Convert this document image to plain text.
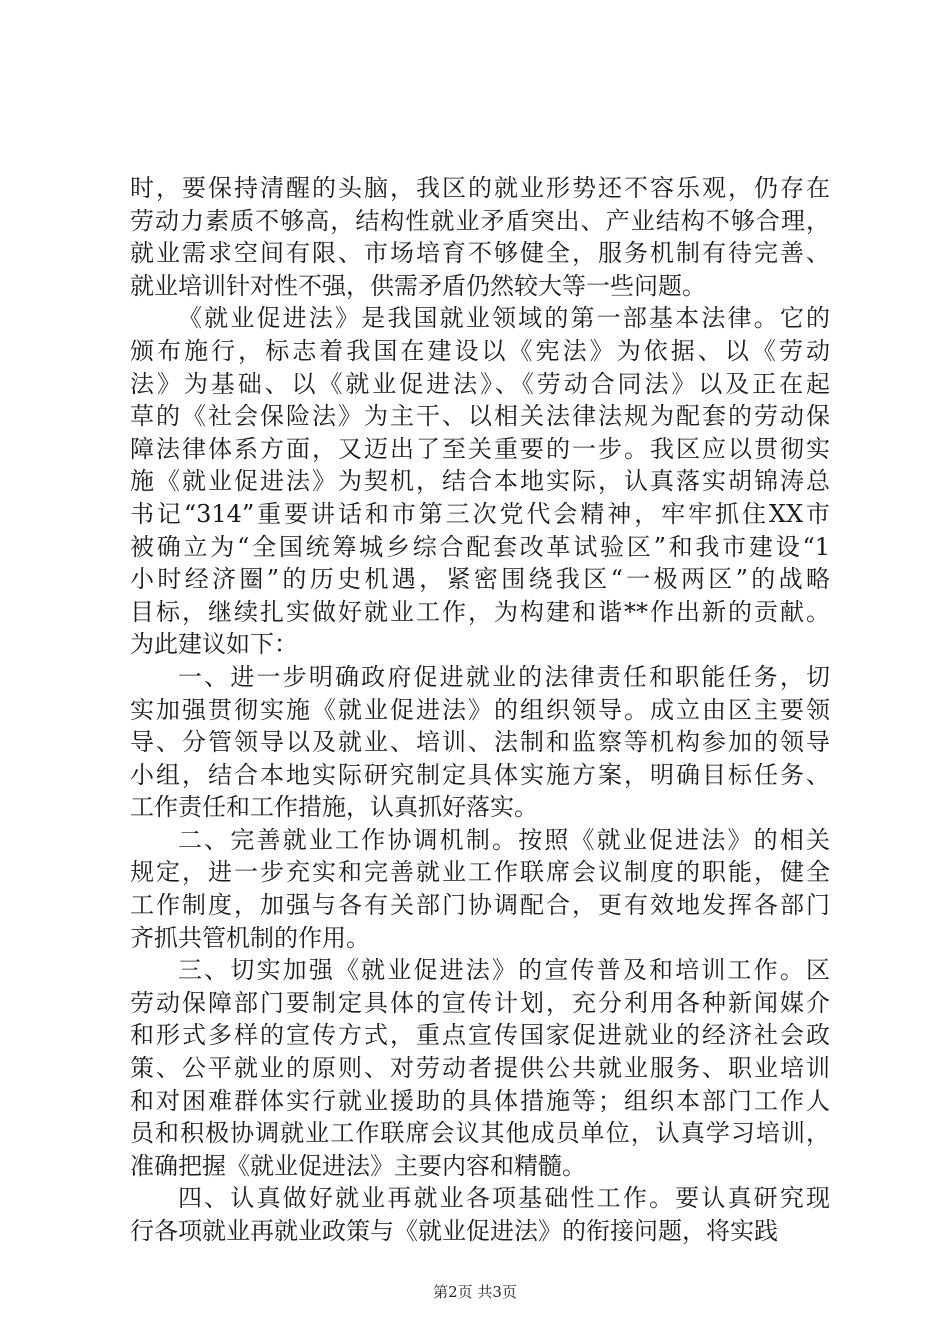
时，要保持清醒的头脑，我区的就业形势还不容乐观，仍存在
劳动力素质不够高，结构性就业矛盾突出、产业结构不够合理，
就业需求空间有限、市场培育不够健全，服务机制有待完善、
就业培训针对性不强，供需矛盾仍然较大等一些问题。
《就业促进法》是我国就业领域的第一部基本法律。它的
颁布施行，标志着我国在建设以《宪法》为依据、以《劳动
法》为基础、以《就业促进法》、《劳动合同法》以及正在起
草的《社会保险法》为主干、以相关法律法规为配套的劳动保
障法律体系方面，又迈出了至关重要的一步。我区应以贯彻实
施《就业促进法》为契机，结合本地实际，认真落实胡锦涛总
书记“314”重要讲话和市第三次党代会精神，牢牢抓住XX市
被确立为“全国统筹城乡综合配套改革试验区”和我市建设“1
小时经济圈”的历史机遇，紧密围绕我区“一极两区”的战略
目标，继续扎实做好就业工作，为构建和谐**作出新的贡献。
为此建议如下：
一、进一步明确政府促进就业的法律责任和职能任务，切
实加强贯彻实施《就业促进法》的组织领导。成立由区主要领
导、分管领导以及就业、培训、法制和监察等机构参加的领导
小组，结合本地实际研究制定具体实施方案，明确目标任务、
工作责任和工作措施，认真抓好落实。
二、完善就业工作协调机制。按照《就业促进法》的相关
规定，进一步充实和完善就业工作联席会议制度的职能，健全
工作制度，加强与各有关部门协调配合，更有效地发挥各部门
齐抓共管机制的作用。
三、切实加强《就业促进法》的宣传普及和培训工作。区
劳动保障部门要制定具体的宣传计划，充分利用各种新闻媒介
和形式多样的宣传方式，重点宣传国家促进就业的经济社会政
策、公平就业的原则、对劳动者提供公共就业服务、职业培训
和对困难群体实行就业援助的具体措施等；组织本部门工作人
员和积极协调就业工作联席会议其他成员单位，认真学习培训，
准确把握《就业促进法》主要内容和精髓。
四、认真做好就业再就业各项基础性工作。要认真研究现
行各项就业再就业政策与《就业促进法》的衔接问题，将实践
第2页 共3页
